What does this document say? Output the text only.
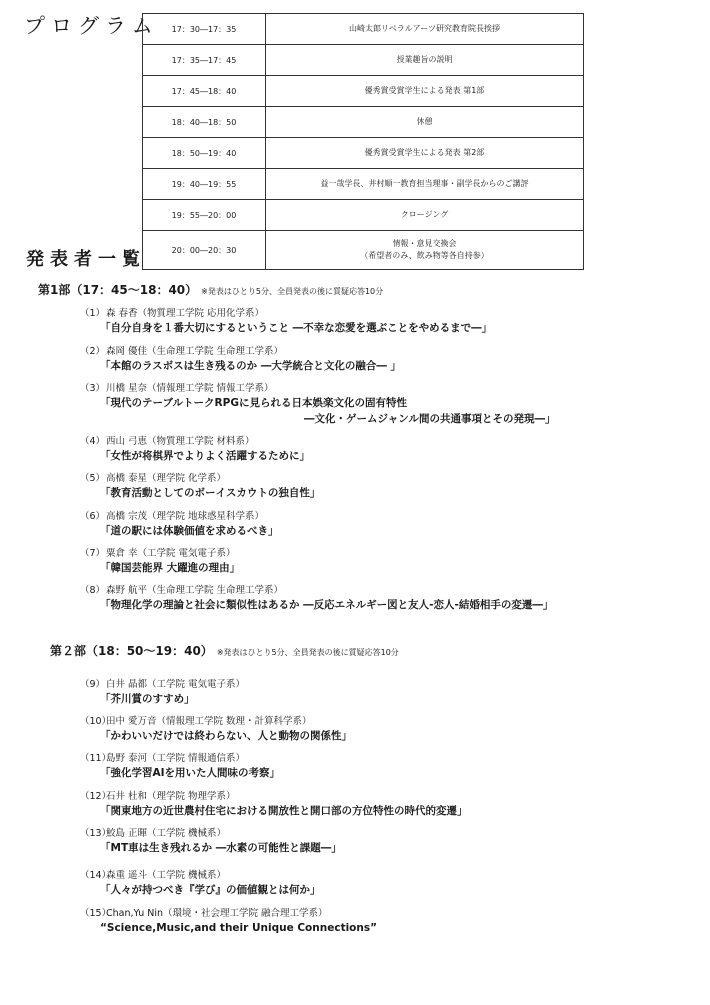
プログラム 17：30―17：35	山崎太郎リベラルアーツ研究教育院長挨拶
17：35―17：45	授業趣旨の説明
17：45―18：40	優秀賞受賞学生による発表 第1部
18：40―18：50	休憩
18：50―19：40	優秀賞受賞学生による発表 第2部
19：40―19：55	益一哉学長、井村順一教育担当理事・副学長からのご講評
19：55―20：00	クロージング
20：00―20：30	情報・意見交換会
（希望者のみ、飲み物等各自持参）
発表者一覧
第1部（17：45～18：40） ※発表はひとり5分、全員発表の後に質疑応答10分
（1）森 春香（物質理工学院 応用化学系）
「自分自身を１番大切にするということ ―不幸な恋愛を選ぶことをやめるまで―」
（2）森岡 優佳（生命理工学院 生命理工学系）
「本館のラスボスは生き残るのか ―大学統合と文化の融合― 」
（3）川橋 星奈（情報理工学院 情報工学系）
「現代のテーブルトークRPGに見られる日本娯楽文化の固有特性
―文化・ゲームジャンル間の共通事項とその発現―」
（4）西山 弓恵（物質理工学院 材料系）
「女性が将棋界でよりよく活躍するために」
（5）高橋 泰星（理学院 化学系）
「教育活動としてのボーイスカウトの独自性」
（6）高橋 宗茂（理学院 地球惑星科学系）
「道の駅には体験価値を求めるべき」
（7）粟倉 幸（工学院 電気電子系）
「韓国芸能界 大躍進の理由」
（8）森野 航平（生命理工学院 生命理工学系）
「物理化学の理論と社会に類似性はあるか ―反応エネルギー図と友人-恋人-結婚相手の変遷―」
第２部（18：50～19：40） ※発表はひとり5分、全員発表の後に質疑応答10分
（9）白井 晶都（工学院 電気電子系）
「芥川賞のすすめ」
（10）田中 愛万音（情報理工学院 数理・計算科学系）
「かわいいだけでは終わらない、人と動物の関係性」
（11）島野 泰河（工学院 情報通信系）
「強化学習AIを用いた人間味の考察」
（12）石井 杜和（理学院 物理学系）
「関東地方の近世農村住宅における開放性と開口部の方位特性の時代的変遷」
（13）鮫島 正暉（工学院 機械系）
「MT車は生き残れるか ―水素の可能性と課題―」
（14）森重 遥斗（工学院 機械系）
「人々が持つべき『学び』の価値観とは何か」
（15）Chan,Yu Nin（環境・社会理工学院 融合理工学系）
“Science,Music,and their Unique Connections”
